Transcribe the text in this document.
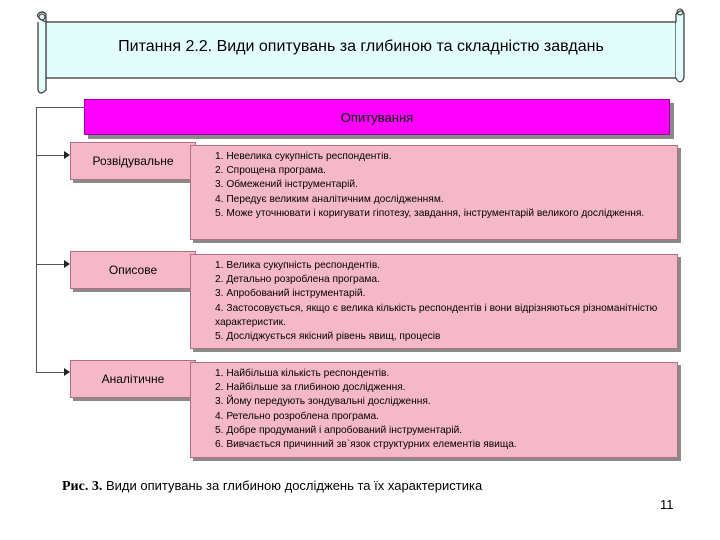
Питання 2.2. Види опитувань за глибиною та складністю завдань
Опитування
Розвідувальне	1. Невелика сукупність респондентів.
2. Спрощена програма.
3. Обмежений інструментарій.
4. Передує великим аналітичним дослідженням.
5. Може уточнювати і коригувати гіпотезу, завдання, інструментарій великого дослідження.
Описове	1. Велика сукупність респондентів.
2. Детально розроблена програма.
3. Апробований інструментарій.
4. Застосовується, якщо є велика кількість респондентів і вони відрізняються різноманітністю характеристик.
5. Досліджується якісний рівень явищ, процесів
Аналітичне	1. Найбільша кількість респондентів.
2. Найбільше за глибиною дослідження.
3. Йому передують зондувальні дослідження.
4. Ретельно розроблена програма.
5. Добре продуманий і апробований інструментарій.
6. Вивчається причинний зв`язок структурних елементів явища.
Рис. 3. Види опитувань за глибиною досліджень та їх характеристика
11
